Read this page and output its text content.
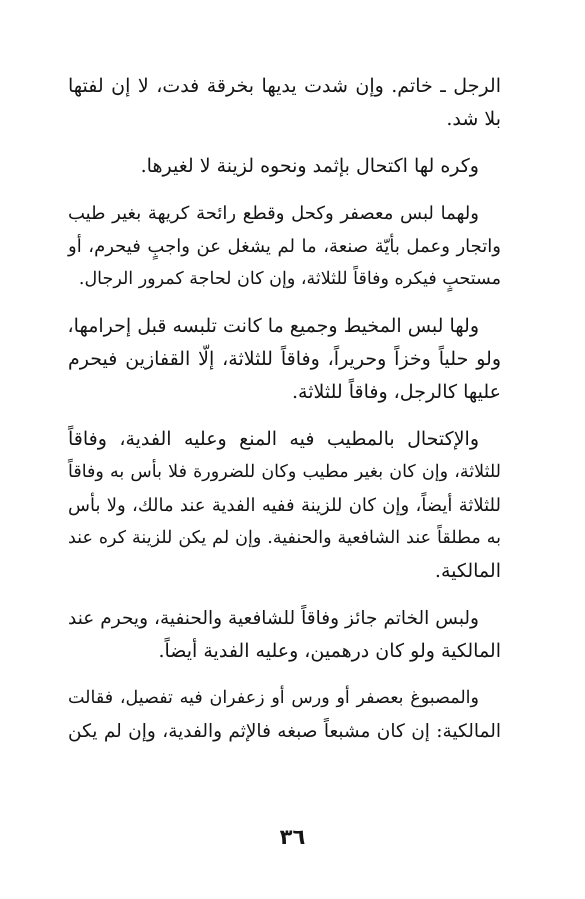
الرجل ـ خاتم. وإن شدت يديها بخرقة فدت، لا إن لفتها
بلا شد.

وكره لها اكتحال بإثمد ونحوه لزينة لا لغيرها.

ولهما لبس معصفر وكحل وقطع رائحة كريهة بغير طيب
واتجار وعمل بأيّة صنعة، ما لم يشغل عن واجبٍ فيحرم، أو
مستحبٍ فيكره وفاقاً للثلاثة، وإن كان لحاجة كمرور الرجال.

ولها لبس المخيط وجميع ما كانت تلبسه قبل إحرامها،
ولو حلياً وخزاً وحريراً، وفاقاً للثلاثة، إلّا القفازين فيحرم
عليها كالرجل، وفاقاً للثلاثة.

والإكتحال بالمطيب فيه المنع وعليه الفدية، وفاقاً
للثلاثة، وإن كان بغير مطيب وكان للضرورة فلا بأس به وفاقاً
للثلاثة أيضاً، وإن كان للزينة ففيه الفدية عند مالك، ولا بأس
به مطلقاً عند الشافعية والحنفية. وإن لم يكن للزينة كره عند
المالكية.

ولبس الخاتم جائز وفاقاً للشافعية والحنفية، ويحرم عند
المالكية ولو كان درهمين، وعليه الفدية أيضاً.

والمصبوغ بعصفر أو ورس أو زعفران فيه تفصيل، فقالت
المالكية: إن كان مشبعاً صبغه فالإثم والفدية، وإن لم يكن

٣٦
